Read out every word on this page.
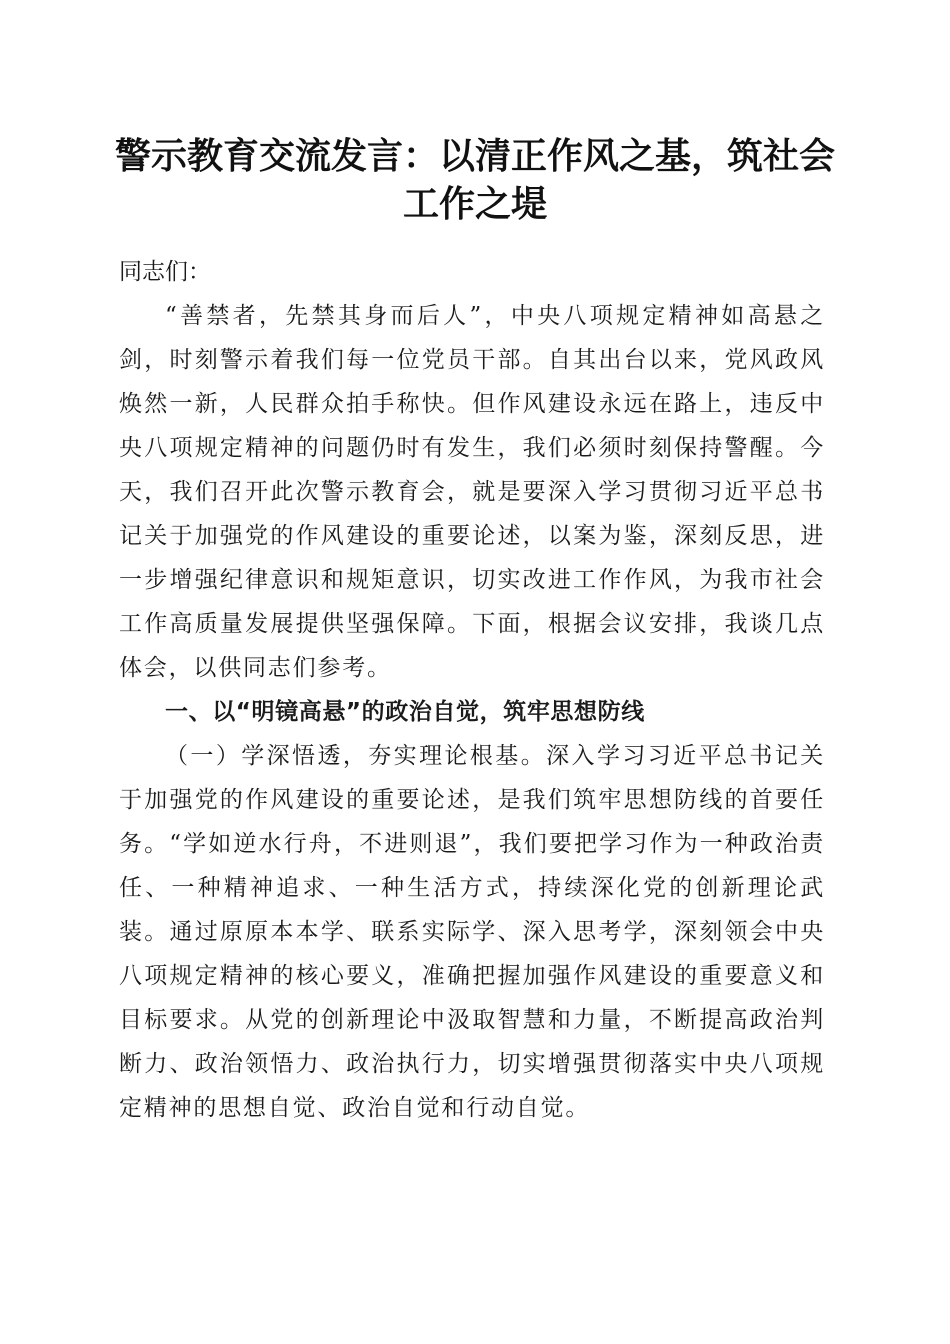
警示教育交流发言：以清正作风之基，筑社会
工作之堤

同志们：

“善禁者，先禁其身而后人”，中央八项规定精神如高悬之剑，时刻警示着我们每一位党员干部。自其出台以来，党风政风焕然一新，人民群众拍手称快。但作风建设永远在路上，违反中央八项规定精神的问题仍时有发生，我们必须时刻保持警醒。今天，我们召开此次警示教育会，就是要深入学习贯彻习近平总书记关于加强党的作风建设的重要论述，以案为鉴，深刻反思，进一步增强纪律意识和规矩意识，切实改进工作作风，为我市社会工作高质量发展提供坚强保障。下面，根据会议安排，我谈几点体会，以供同志们参考。

一、以“明镜高悬”的政治自觉，筑牢思想防线

（一）学深悟透，夯实理论根基。深入学习习近平总书记关于加强党的作风建设的重要论述，是我们筑牢思想防线的首要任务。“学如逆水行舟，不进则退”，我们要把学习作为一种政治责任、一种精神追求、一种生活方式，持续深化党的创新理论武装。通过原原本本学、联系实际学、深入思考学，深刻领会中央八项规定精神的核心要义，准确把握加强作风建设的重要意义和目标要求。从党的创新理论中汲取智慧和力量，不断提高政治判断力、政治领悟力、政治执行力，切实增强贯彻落实中央八项规定精神的思想自觉、政治自觉和行动自觉。
